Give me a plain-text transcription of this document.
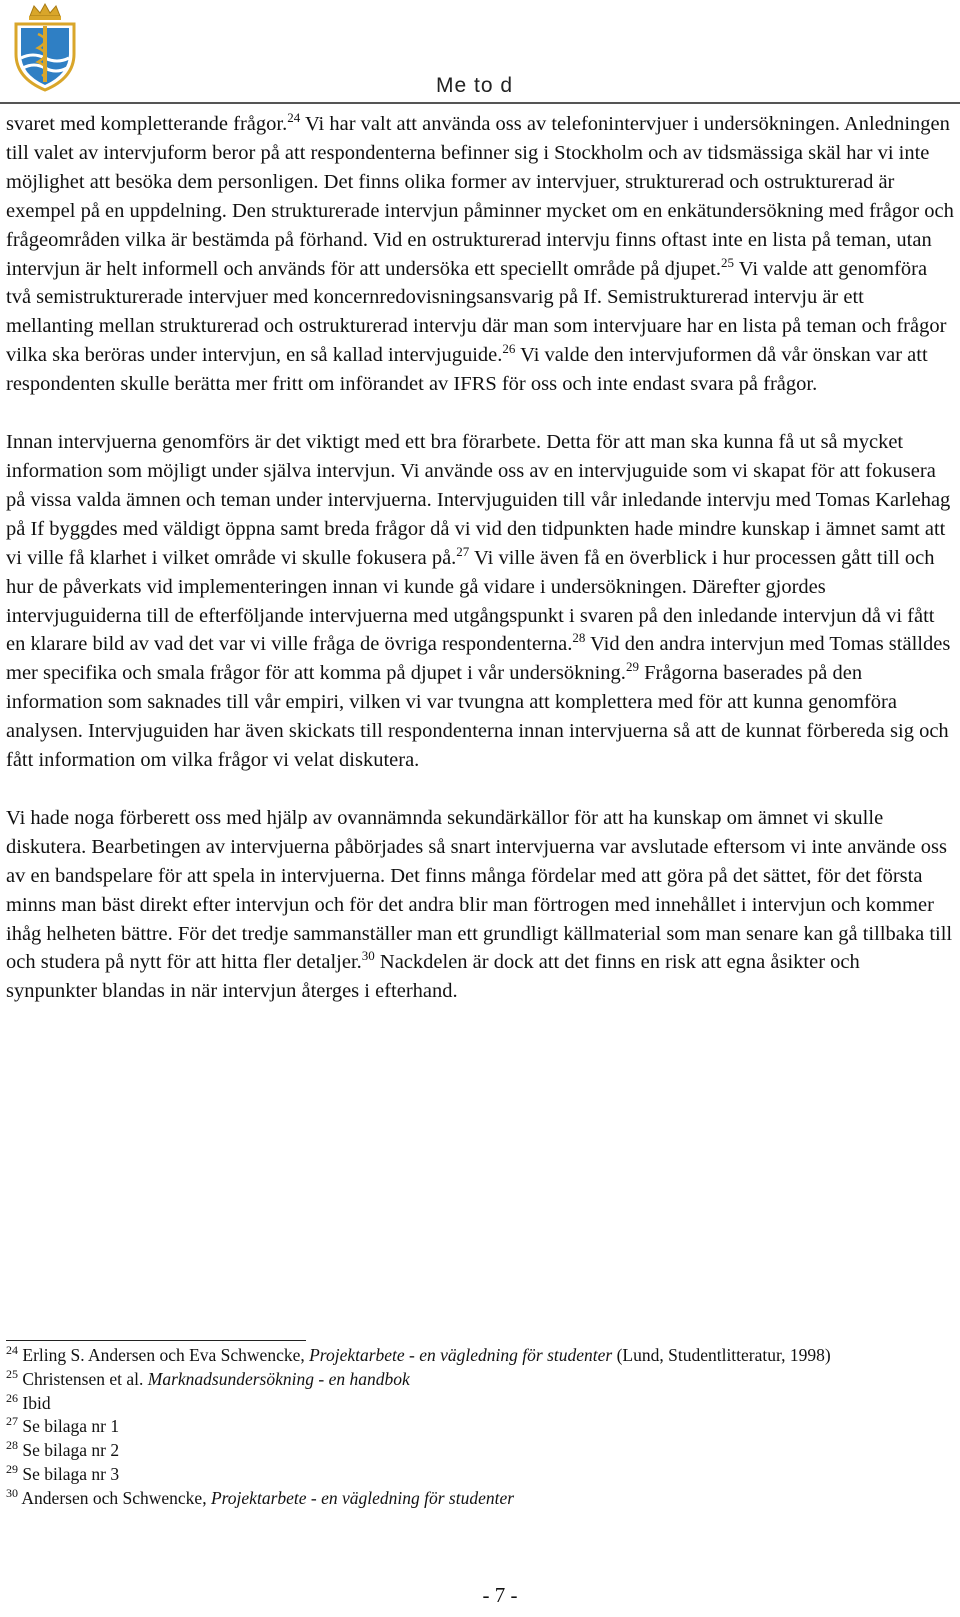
Me to d

svaret med kompletterande frågor.$^{24}$ Vi har valt att använda oss av telefonintervjuer i undersökningen. Anledningen till valet av intervjuform beror på att respondenterna befinner sig i Stockholm och av tidsmässiga skäl har vi inte möjlighet att besöka dem personligen. Det finns olika former av intervjuer, strukturerad och ostrukturerad är exempel på en uppdelning. Den strukturerade intervjun påminner mycket om en enkätundersökning med frågor och frågeområden vilka är bestämda på förhand. Vid en ostrukturerad intervju finns oftast inte en lista på teman, utan intervjun är helt informell och används för att undersöka ett speciellt område på djupet.$^{25}$ Vi valde att genomföra två semistrukturerade intervjuer med koncernredovisningsansvarig på If. Semistrukturerad intervju är ett mellanting mellan strukturerad och ostrukturerad intervju där man som intervjuare har en lista på teman och frågor vilka ska beröras under intervjun, en så kallad intervjuguide.$^{26}$ Vi valde den intervjuformen då vår önskan var att respondenten skulle berätta mer fritt om införandet av IFRS för oss och inte endast svara på frågor.

Innan intervjuerna genomförs är det viktigt med ett bra förarbete. Detta för att man ska kunna få ut så mycket information som möjligt under själva intervjun. Vi använde oss av en intervjuguide som vi skapat för att fokusera på vissa valda ämnen och teman under intervjuerna. Intervjuguiden till vår inledande intervju med Tomas Karlehag på If byggdes med väldigt öppna samt breda frågor då vi vid den tidpunkten hade mindre kunskap i ämnet samt att vi ville få klarhet i vilket område vi skulle fokusera på.$^{27}$ Vi ville även få en överblick i hur processen gått till och hur de påverkats vid implementeringen innan vi kunde gå vidare i undersökningen. Därefter gjordes intervjuguiderna till de efterföljande intervjuerna med utgångspunkt i svaren på den inledande intervjun då vi fått en klarare bild av vad det var vi ville fråga de övriga respondenterna.$^{28}$ Vid den andra intervjun med Tomas ställdes mer specifika och smala frågor för att komma på djupet i vår undersökning.$^{29}$ Frågorna baserades på den information som saknades till vår empiri, vilken vi var tvungna att komplettera med för att kunna genomföra analysen. Intervjuguiden har även skickats till respondenterna innan intervjuerna så att de kunnat förbereda sig och fått information om vilka frågor vi velat diskutera.

Vi hade noga förberett oss med hjälp av ovannämnda sekundärkällor för att ha kunskap om ämnet vi skulle diskutera. Bearbetingen av intervjuerna påbörjades så snart intervjuerna var avslutade eftersom vi inte använde oss av en bandspelare för att spela in intervjuerna. Det finns många fördelar med att göra på det sättet, för det första minns man bäst direkt efter intervjun och för det andra blir man förtrogen med innehållet i intervjun och kommer ihåg helheten bättre. För det tredje sammanställer man ett grundligt källmaterial som man senare kan gå tillbaka till och studera på nytt för att hitta fler detaljer.$^{30}$ Nackdelen är dock att det finns en risk att egna åsikter och synpunkter blandas in när intervjun återges i efterhand.

$^{24}$ Erling S. Andersen och Eva Schwencke, Projektarbete - en vägledning för studenter (Lund, Studentlitteratur, 1998)
$^{25}$ Christensen et al. Marknadsundersökning - en handbok
$^{26}$ Ibid
$^{27}$ Se bilaga nr 1
$^{28}$ Se bilaga nr 2
$^{29}$ Se bilaga nr 3
$^{30}$ Andersen och Schwencke, Projektarbete - en vägledning för studenter
- 7 -
